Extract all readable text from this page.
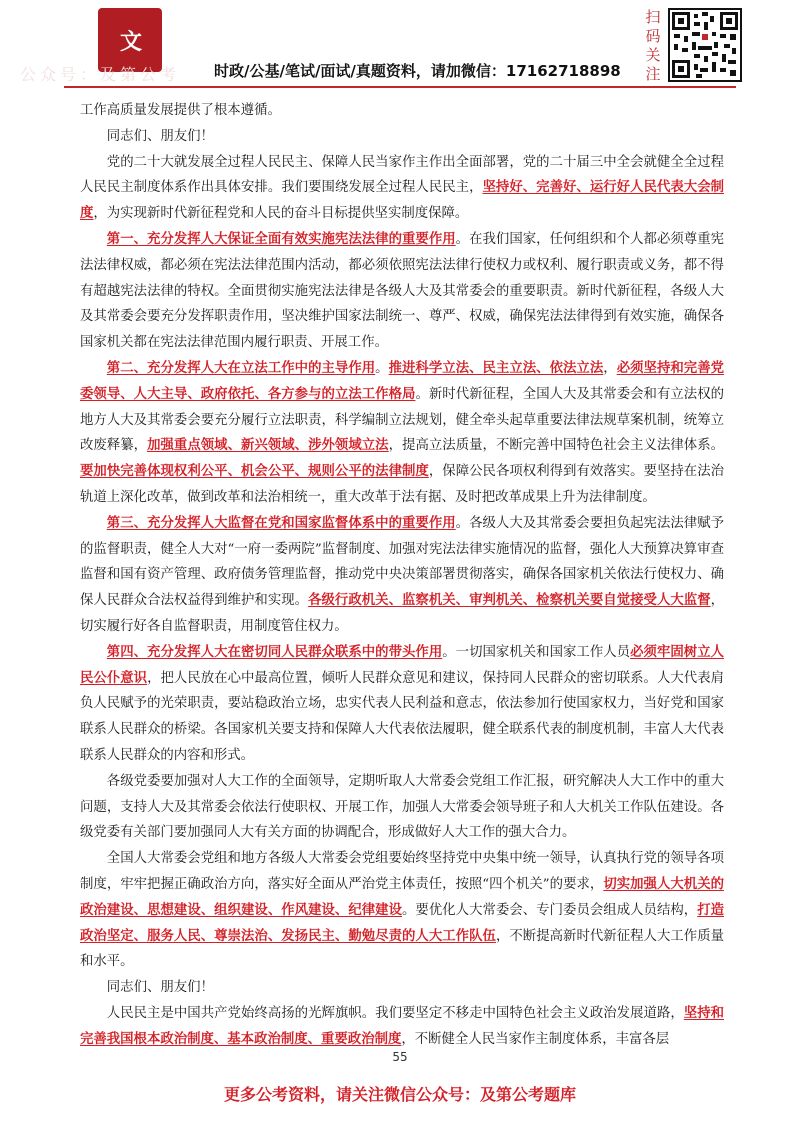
文
公众号：及第公考 时政/公基/笔试/面试/真题资料，请加微信：17162718898
扫码关注

工作高质量发展提供了根本遵循。

同志们、朋友们！

党的二十大就发展全过程人民民主、保障人民当家作主作出全面部署，党的二十届三中全会就健全全过程人民民主制度体系作出具体安排。我们要围绕发展全过程人民民主，坚持好、完善好、运行好人民代表大会制度，为实现新时代新征程党和人民的奋斗目标提供坚实制度保障。

第一、充分发挥人大保证全面有效实施宪法法律的重要作用。在我们国家，任何组织和个人都必须尊重宪法法律权威，都必须在宪法法律范围内活动，都必须依照宪法法律行使权力或权利、履行职责或义务，都不得有超越宪法法律的特权。全面贯彻实施宪法法律是各级人大及其常委会的重要职责。新时代新征程，各级人大及其常委会要充分发挥职责作用，坚决维护国家法制统一、尊严、权威，确保宪法法律得到有效实施，确保各国家机关都在宪法法律范围内履行职责、开展工作。

第二、充分发挥人大在立法工作中的主导作用。推进科学立法、民主立法、依法立法，必须坚持和完善党委领导、人大主导、政府依托、各方参与的立法工作格局。新时代新征程，全国人大及其常委会和有立法权的地方人大及其常委会要充分履行立法职责，科学编制立法规划，健全牵头起草重要法律法规草案机制，统筹立改废释纂，加强重点领域、新兴领域、涉外领域立法，提高立法质量，不断完善中国特色社会主义法律体系。要加快完善体现权利公平、机会公平、规则公平的法律制度，保障公民各项权利得到有效落实。要坚持在法治轨道上深化改革，做到改革和法治相统一，重大改革于法有据、及时把改革成果上升为法律制度。

第三、充分发挥人大监督在党和国家监督体系中的重要作用。各级人大及其常委会要担负起宪法法律赋予的监督职责，健全人大对“一府一委两院”监督制度、加强对宪法法律实施情况的监督，强化人大预算决算审查监督和国有资产管理、政府债务管理监督，推动党中央决策部署贯彻落实，确保各国家机关依法行使权力、确保人民群众合法权益得到维护和实现。各级行政机关、监察机关、审判机关、检察机关要自觉接受人大监督，切实履行好各自监督职责，用制度管住权力。

第四、充分发挥人大在密切同人民群众联系中的带头作用。一切国家机关和国家工作人员必须牢固树立人民公仆意识，把人民放在心中最高位置，倾听人民群众意见和建议，保持同人民群众的密切联系。人大代表肩负人民赋予的光荣职责，要站稳政治立场，忠实代表人民利益和意志，依法参加行使国家权力，当好党和国家联系人民群众的桥梁。各国家机关要支持和保障人大代表依法履职，健全联系代表的制度机制，丰富人大代表联系人民群众的内容和形式。

各级党委要加强对人大工作的全面领导，定期听取人大常委会党组工作汇报，研究解决人大工作中的重大问题，支持人大及其常委会依法行使职权、开展工作，加强人大常委会领导班子和人大机关工作队伍建设。各级党委有关部门要加强同人大有关方面的协调配合，形成做好人大工作的强大合力。

全国人大常委会党组和地方各级人大常委会党组要始终坚持党中央集中统一领导，认真执行党的领导各项制度，牢牢把握正确政治方向，落实好全面从严治党主体责任，按照“四个机关”的要求，切实加强人大机关的政治建设、思想建设、组织建设、作风建设、纪律建设。要优化人大常委会、专门委员会组成人员结构，打造政治坚定、服务人民、尊崇法治、发扬民主、勤勉尽责的人大工作队伍，不断提高新时代新征程人大工作质量和水平。

同志们、朋友们！

人民民主是中国共产党始终高扬的光辉旗帜。我们要坚定不移走中国特色社会主义政治发展道路，坚持和完善我国根本政治制度、基本政治制度、重要政治制度，不断健全人民当家作主制度体系，丰富各层

55
更多公考资料，请关注微信公众号：及第公考题库
